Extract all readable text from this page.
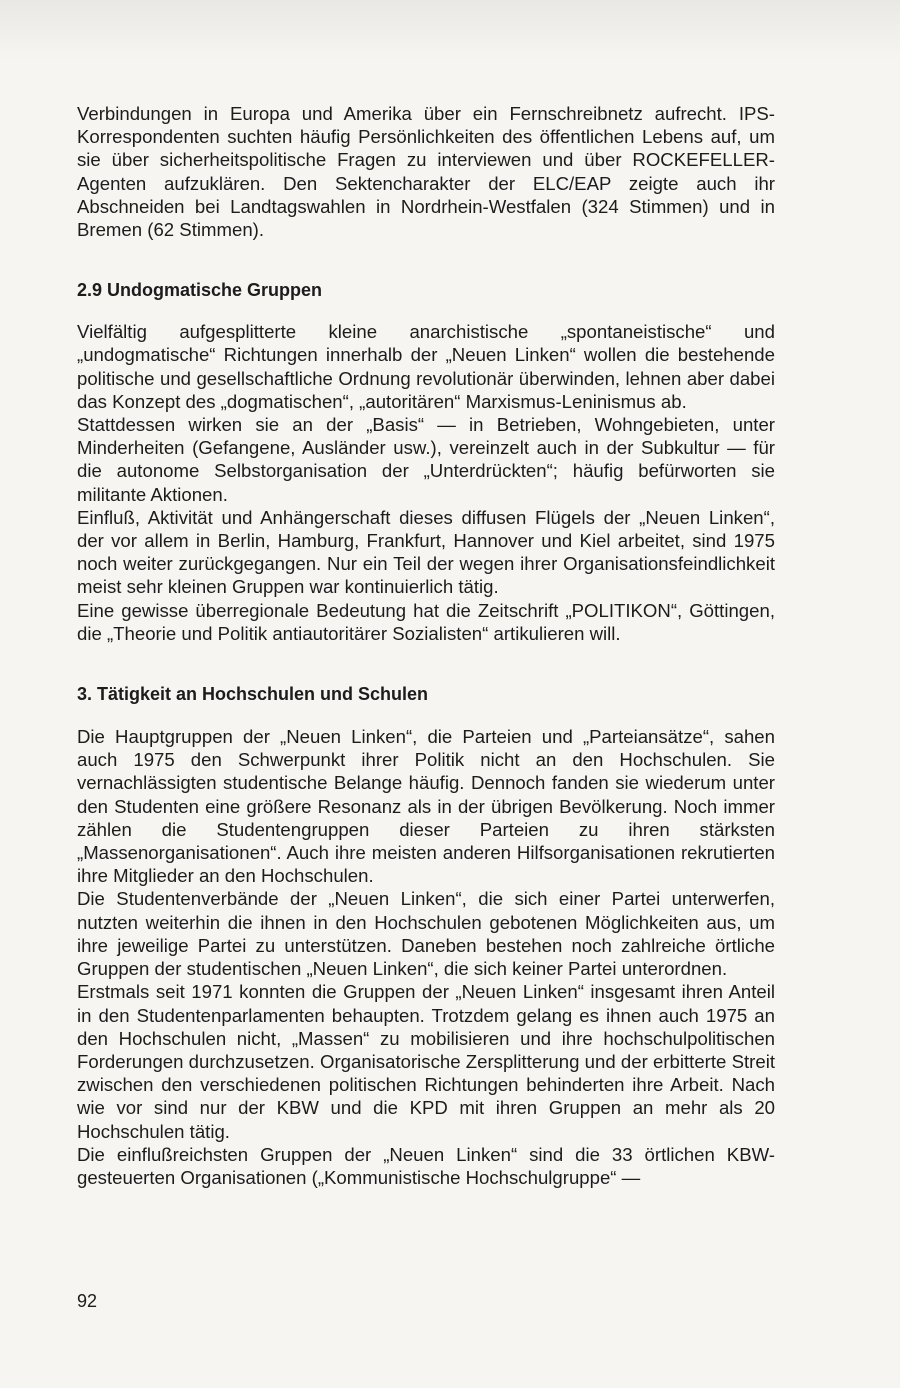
Verbindungen in Europa und Amerika über ein Fernschreibnetz aufrecht. IPS-Korrespondenten suchten häufig Persönlichkeiten des öffentlichen Lebens auf, um sie über sicherheitspolitische Fragen zu interviewen und über ROCKEFELLER-Agenten aufzuklären. Den Sektencharakter der ELC/EAP zeigte auch ihr Abschneiden bei Landtagswahlen in Nordrhein-Westfalen (324 Stimmen) und in Bremen (62 Stimmen).

2.9 Undogmatische Gruppen

Vielfältig aufgesplitterte kleine anarchistische „spontaneistische“ und „undogmatische“ Richtungen innerhalb der „Neuen Linken“ wollen die bestehende politische und gesellschaftliche Ordnung revolutionär überwinden, lehnen aber dabei das Konzept des „dogmatischen“, „autoritären“ Marxismus-Leninismus ab.

Stattdessen wirken sie an der „Basis“ — in Betrieben, Wohngebieten, unter Minderheiten (Gefangene, Ausländer usw.), vereinzelt auch in der Subkultur — für die autonome Selbstorganisation der „Unterdrückten“; häufig befürworten sie militante Aktionen.

Einfluß, Aktivität und Anhängerschaft dieses diffusen Flügels der „Neuen Linken“, der vor allem in Berlin, Hamburg, Frankfurt, Hannover und Kiel arbeitet, sind 1975 noch weiter zurückgegangen. Nur ein Teil der wegen ihrer Organisationsfeindlichkeit meist sehr kleinen Gruppen war kontinuierlich tätig.

Eine gewisse überregionale Bedeutung hat die Zeitschrift „POLITIKON“, Göttingen, die „Theorie und Politik antiautoritärer Sozialisten“ artikulieren will.

3. Tätigkeit an Hochschulen und Schulen

Die Hauptgruppen der „Neuen Linken“, die Parteien und „Parteiansätze“, sahen auch 1975 den Schwerpunkt ihrer Politik nicht an den Hochschulen. Sie vernachlässigten studentische Belange häufig. Dennoch fanden sie wiederum unter den Studenten eine größere Resonanz als in der übrigen Bevölkerung. Noch immer zählen die Studentengruppen dieser Parteien zu ihren stärksten „Massenorganisationen“. Auch ihre meisten anderen Hilfsorganisationen rekrutierten ihre Mitglieder an den Hochschulen.

Die Studentenverbände der „Neuen Linken“, die sich einer Partei unterwerfen, nutzten weiterhin die ihnen in den Hochschulen gebotenen Möglichkeiten aus, um ihre jeweilige Partei zu unterstützen. Daneben bestehen noch zahlreiche örtliche Gruppen der studentischen „Neuen Linken“, die sich keiner Partei unterordnen.

Erstmals seit 1971 konnten die Gruppen der „Neuen Linken“ insgesamt ihren Anteil in den Studentenparlamenten behaupten. Trotzdem gelang es ihnen auch 1975 an den Hochschulen nicht, „Massen“ zu mobilisieren und ihre hochschulpolitischen Forderungen durchzusetzen. Organisatorische Zersplitterung und der erbitterte Streit zwischen den verschiedenen politischen Richtungen behinderten ihre Arbeit. Nach wie vor sind nur der KBW und die KPD mit ihren Gruppen an mehr als 20 Hochschulen tätig.

Die einflußreichsten Gruppen der „Neuen Linken“ sind die 33 örtlichen KBW-gesteuerten Organisationen („Kommunistische Hochschulgruppe“ —

92
